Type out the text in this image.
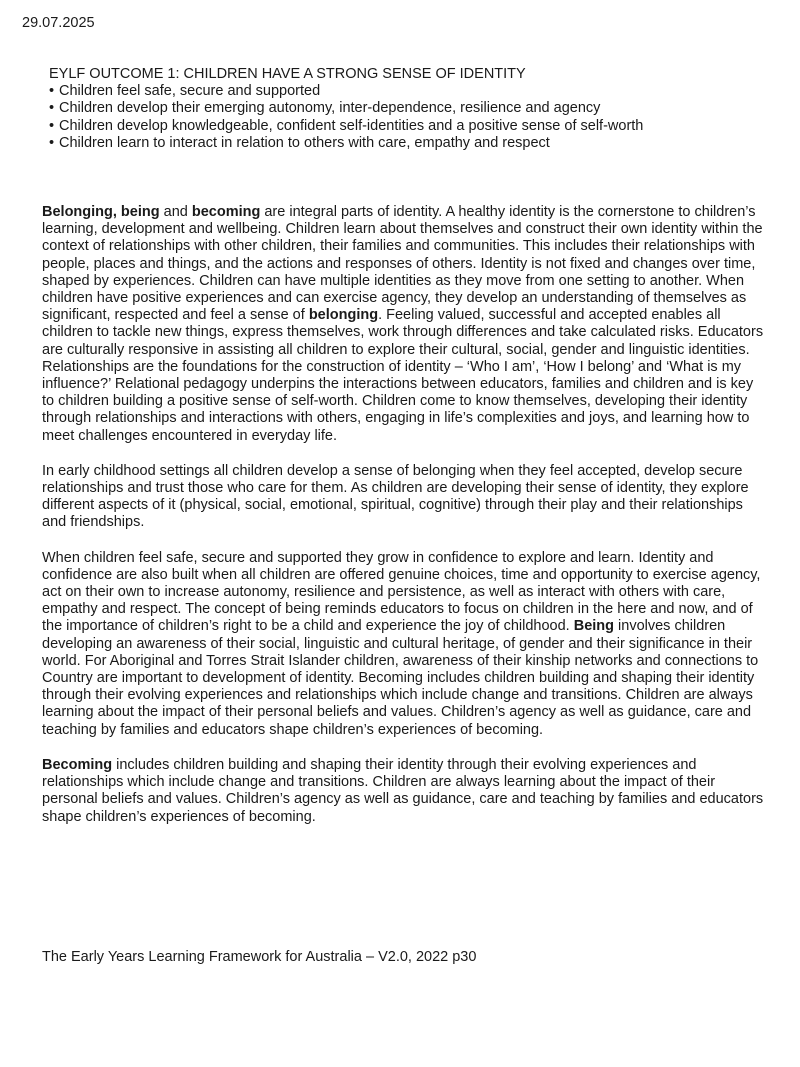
29.07.2025

EYLF OUTCOME 1: CHILDREN HAVE A STRONG SENSE OF IDENTITY

• Children feel safe, secure and supported
• Children develop their emerging autonomy, inter-dependence, resilience and agency
• Children develop knowledgeable, confident self-identities and a positive sense of self-worth
• Children learn to interact in relation to others with care, empathy and respect

Belonging, being and becoming are integral parts of identity. A healthy identity is the cornerstone to children’s learning, development and wellbeing. Children learn about themselves and construct their own identity within the context of relationships with other children, their families and communities. This includes their relationships with people, places and things, and the actions and responses of others. Identity is not fixed and changes over time, shaped by experiences. Children can have multiple identities as they move from one setting to another. When children have positive experiences and can exercise agency, they develop an understanding of themselves as significant, respected and feel a sense of belonging. Feeling valued, successful and accepted enables all children to tackle new things, express themselves, work through differences and take calculated risks. Educators are culturally responsive in assisting all children to explore their cultural, social, gender and linguistic identities. Relationships are the foundations for the construction of identity – ‘Who I am’, ‘How I belong’ and ‘What is my influence?’ Relational pedagogy underpins the interactions between educators, families and children and is key to children building a positive sense of self-worth. Children come to know themselves, developing their identity through relationships and interactions with others, engaging in life’s complexities and joys, and learning how to meet challenges encountered in everyday life.

In early childhood settings all children develop a sense of belonging when they feel accepted, develop secure relationships and trust those who care for them. As children are developing their sense of identity, they explore different aspects of it (physical, social, emotional, spiritual, cognitive) through their play and their relationships and friendships.

When children feel safe, secure and supported they grow in confidence to explore and learn. Identity and confidence are also built when all children are offered genuine choices, time and opportunity to exercise agency, act on their own to increase autonomy, resilience and persistence, as well as interact with others with care, empathy and respect. The concept of being reminds educators to focus on children in the here and now, and of the importance of children’s right to be a child and experience the joy of childhood. Being involves children developing an awareness of their social, linguistic and cultural heritage, of gender and their significance in their world. For Aboriginal and Torres Strait Islander children, awareness of their kinship networks and connections to Country are important to development of identity. Becoming includes children building and shaping their identity through their evolving experiences and relationships which include change and transitions. Children are always learning about the impact of their personal beliefs and values. Children’s agency as well as guidance, care and teaching by families and educators shape children’s experiences of becoming.

Becoming includes children building and shaping their identity through their evolving experiences and relationships which include change and transitions. Children are always learning about the impact of their personal beliefs and values. Children’s agency as well as guidance, care and teaching by families and educators shape children’s experiences of becoming.

The Early Years Learning Framework for Australia – V2.0, 2022 p30
